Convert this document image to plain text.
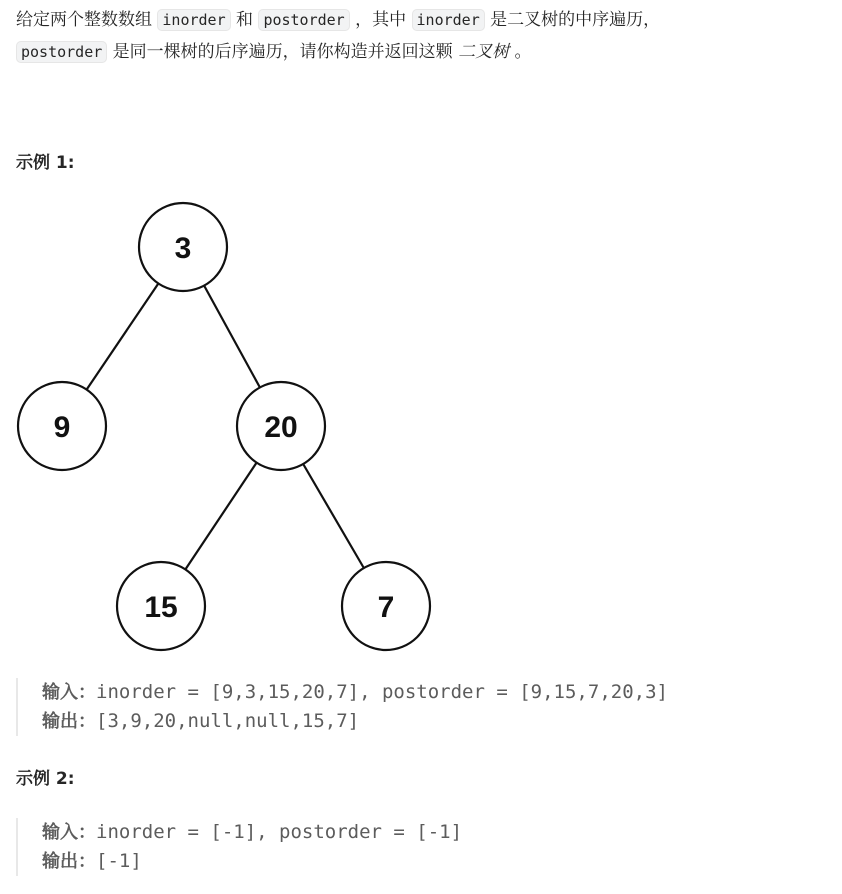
给定两个整数数组 inorder 和 postorder ，其中 inorder 是二叉树的中序遍历，
postorder 是同一棵树的后序遍历，请你构造并返回这颗 二叉树 。
示例 1:
3
9	20
15	7
输入：inorder = [9,3,15,20,7], postorder = [9,15,7,20,3]
输出：[3,9,20,null,null,15,7]
示例 2:
输入：inorder = [-1], postorder = [-1]
输出：[-1]
